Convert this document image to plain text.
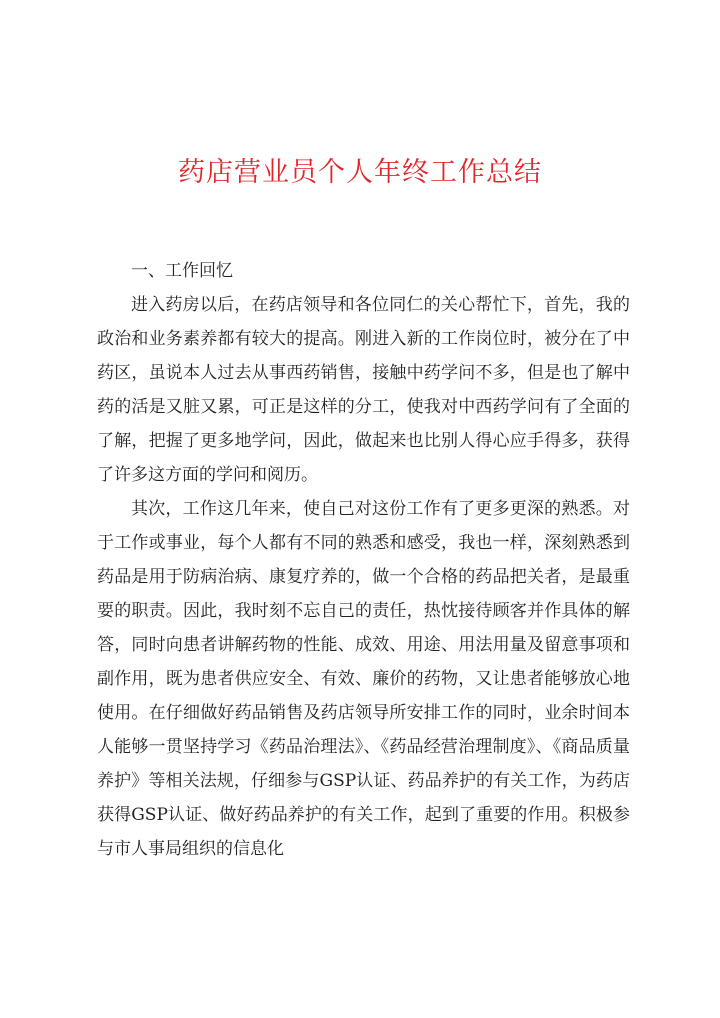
药店营业员个人年终工作总结

一、工作回忆

进入药房以后，在药店领导和各位同仁的关心帮忙下，首先，我的政治和业务素养都有较大的提高。刚进入新的工作岗位时，被分在了中药区，虽说本人过去从事西药销售，接触中药学问不多，但是也了解中药的活是又脏又累，可正是这样的分工，使我对中西药学问有了全面的了解，把握了更多地学问，因此，做起来也比别人得心应手得多，获得了许多这方面的学问和阅历。

其次，工作这几年来，使自己对这份工作有了更多更深的熟悉。对于工作或事业，每个人都有不同的熟悉和感受，我也一样，深刻熟悉到药品是用于防病治病、康复疗养的，做一个合格的药品把关者，是最重要的职责。因此，我时刻不忘自己的责任，热忱接待顾客并作具体的解答，同时向患者讲解药物的性能、成效、用途、用法用量及留意事项和副作用，既为患者供应安全、有效、廉价的药物，又让患者能够放心地使用。在仔细做好药品销售及药店领导所安排工作的同时，业余时间本人能够一贯坚持学习《药品治理法》、《药品经营治理制度》、《商品质量养护》等相关法规，仔细参与GSP认证、药品养护的有关工作，为药店获得GSP认证、做好药品养护的有关工作，起到了重要的作用。积极参与市人事局组织的信息化
